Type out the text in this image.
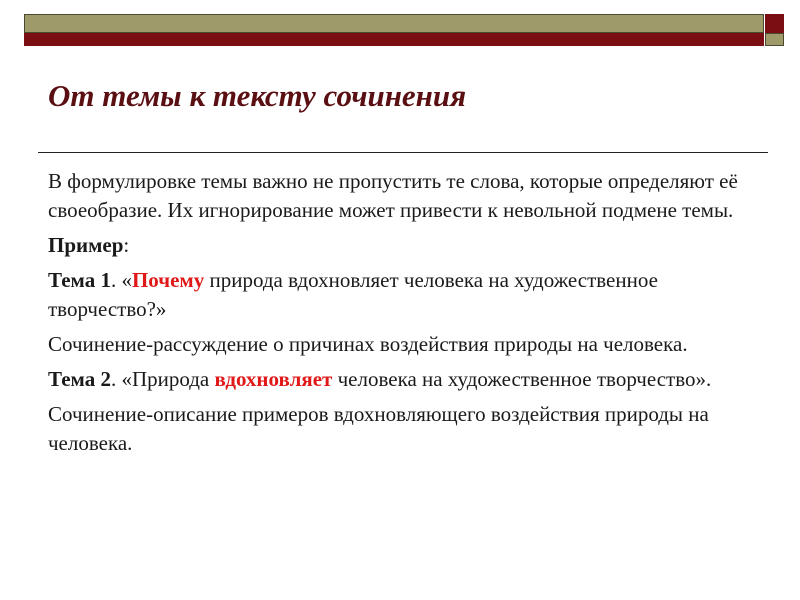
От темы к тексту сочинения

В формулировке темы важно не пропустить те слова, которые определяют её своеобразие. Их игнорирование может привести к невольной подмене темы.

Пример:

Тема 1. «Почему природа вдохновляет человека на художественное творчество?»

Сочинение-рассуждение о причинах воздействия природы на человека.

Тема 2. «Природа вдохновляет человека на художественное творчество».

Сочинение-описание примеров вдохновляющего воздействия природы на человека.
